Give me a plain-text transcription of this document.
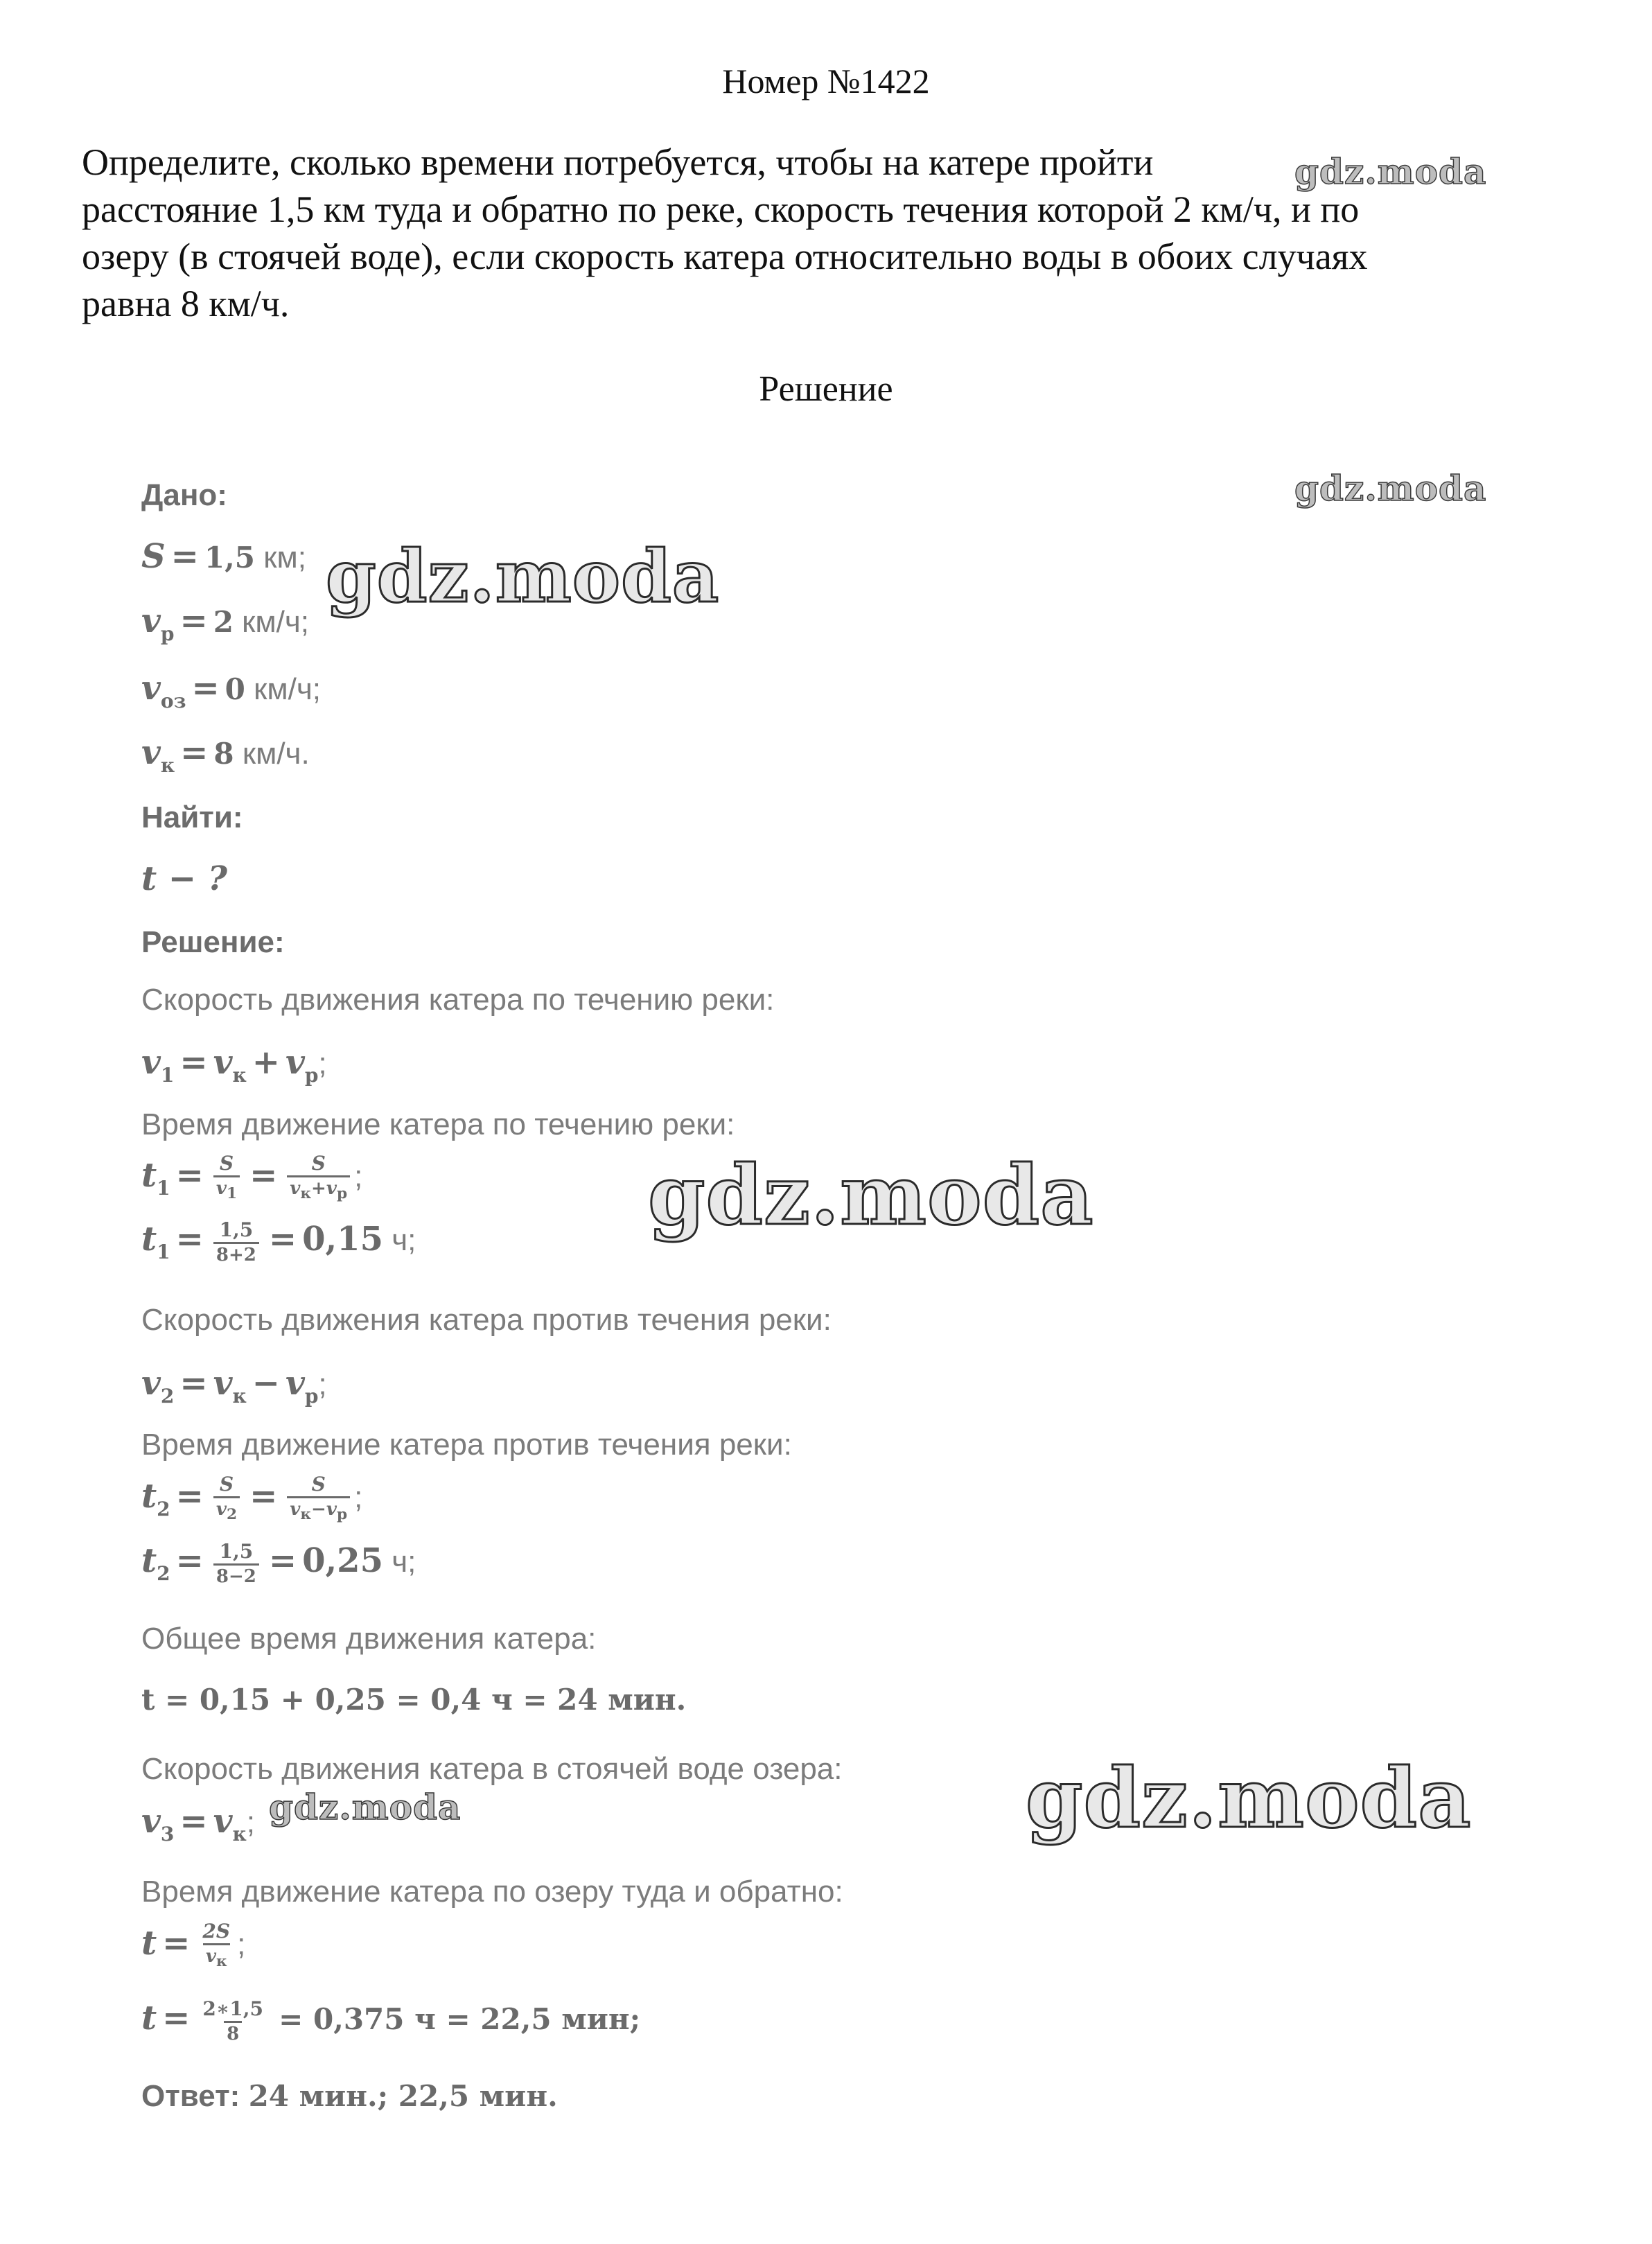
Номер №1422
Определите, сколько времени потребуется, чтобы на катере пройти
расстояние 1,5 км туда и обратно по реке, скорость течения которой 2 км/ч, и по
озеру (в стоячей воде), если скорость катера относительно воды в обоих случаях
равна 8 км/ч.
Решение
Дано:
S = 1,5 км;
$v_р = 2$ км/ч;
$v_{оз} = 0$ км/ч;
$v_к = 8$ км/ч.
Найти:
t − ?
Решение:
Скорость движения катера по течению реки:
$v_1 = v_к + v_р$;
Время движение катера по течению реки:
$t_1 = \frac{S}{v_1} = \frac{S}{v_к+v_р}$ ;
$t_1 = \frac{1,5}{8+2} = 0,15$ ч;
Скорость движения катера против течения реки:
$v_2 = v_к - v_р$;
Время движение катера против течения реки:
$t_2 = \frac{S}{v_2} = \frac{S}{v_к-v_р}$ ;
$t_2 = \frac{1,5}{8-2} = 0,25$ ч;
Общее время движения катера:
t = 0,15 + 0,25 = 0,4 ч = 24 мин.
Скорость движения катера в стоячей воде озера:
$v_3 = v_к$;
Время движение катера по озеру туда и обратно:
$t = \frac{2S}{v_к}$ ;
$t = \frac{2∗1,5}{8} = 0,375$ ч = 22,5 мин;
Ответ: 24 мин.; 22,5 мин.
gdz.moda
gdz.moda
gdz.moda
gdz.moda
gdz.moda
gdz.moda
